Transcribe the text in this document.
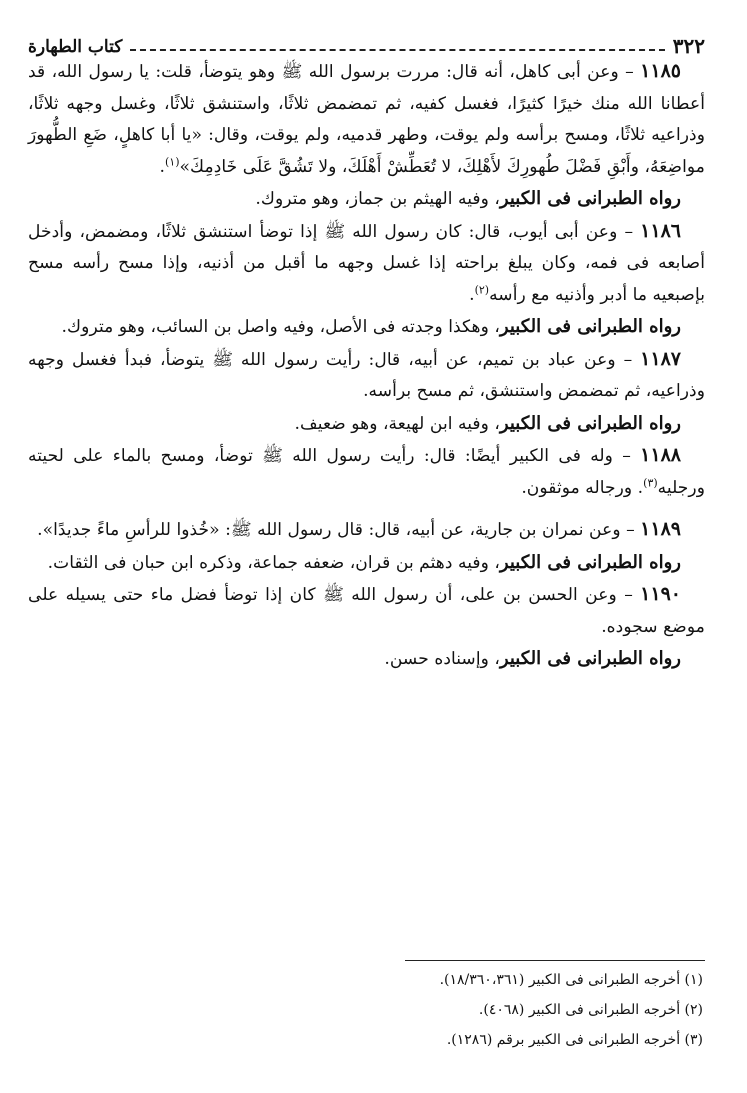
٣٢٢
كتاب الطهارة

١١٨٥ – وعن أبى كاهل، أنه قال: مررت برسول الله ﷺ وهو يتوضأ، قلت: يا رسول الله، قد أعطانا الله منك خيرًا كثيرًا، فغسل كفيه، ثم تمضمض ثلاثًا، واستنشق ثلاثًا، وغسل وجهه ثلاثًا، وذراعيه ثلاثًا، ومسح برأسه ولم يوقت، وطهر قدميه، ولم يوقت، وقال: «يا أبا كاهلٍ، ضَعِ الطُّهورَ مواضِعَهُ، وأَبْقِ فَضْلَ طُهورِكَ لأَهْلِكَ، لا تُعَطِّشْ أَهْلَكَ، ولا تَشُقَّ عَلَى خَادِمِكَ»$^{(١)}$.

رواه الطبرانى فى الكبير، وفيه الهيثم بن جماز، وهو متروك.

١١٨٦ – وعن أبى أيوب، قال: كان رسول الله ﷺ إذا توضأ استنشق ثلاثًا، ومضمض، وأدخل أصابعه فى فمه، وكان يبلغ براحته إذا غسل وجهه ما أقبل من أذنيه، وإذا مسح رأسه مسح بإصبعيه ما أدبر وأذنيه مع رأسه$^{(٢)}$.

رواه الطبرانى فى الكبير، وهكذا وجدته فى الأصل، وفيه واصل بن السائب، وهو متروك.

١١٨٧ – وعن عباد بن تميم، عن أبيه، قال: رأيت رسول الله ﷺ يتوضأ، فبدأ فغسل وجهه وذراعيه، ثم تمضمض واستنشق، ثم مسح برأسه.

رواه الطبرانى فى الكبير، وفيه ابن لهيعة، وهو ضعيف.

١١٨٨ – وله فى الكبير أيضًا: قال: رأيت رسول الله ﷺ توضأ، ومسح بالماء على لحيته ورجليه$^{(٣)}$. ورجاله موثقون.

١١٨٩ – وعن نمران بن جارية، عن أبيه، قال: قال رسول الله ﷺ: «خُذوا للرأسِ ماءً جديدًا».

رواه الطبرانى فى الكبير، وفيه دهثم بن قران، ضعفه جماعة، وذكره ابن حبان فى الثقات.

١١٩٠ – وعن الحسن بن على، أن رسول الله ﷺ كان إذا توضأ فضل ماء حتى يسيله على موضع سجوده.

رواه الطبرانى فى الكبير، وإسناده حسن.

(١) أخرجه الطبرانى فى الكبير (١٨/٣٦٠،٣٦١).

(٢) أخرجه الطبرانى فى الكبير (٤٠٦٨).

(٣) أخرجه الطبرانى فى الكبير برقم (١٢٨٦).
